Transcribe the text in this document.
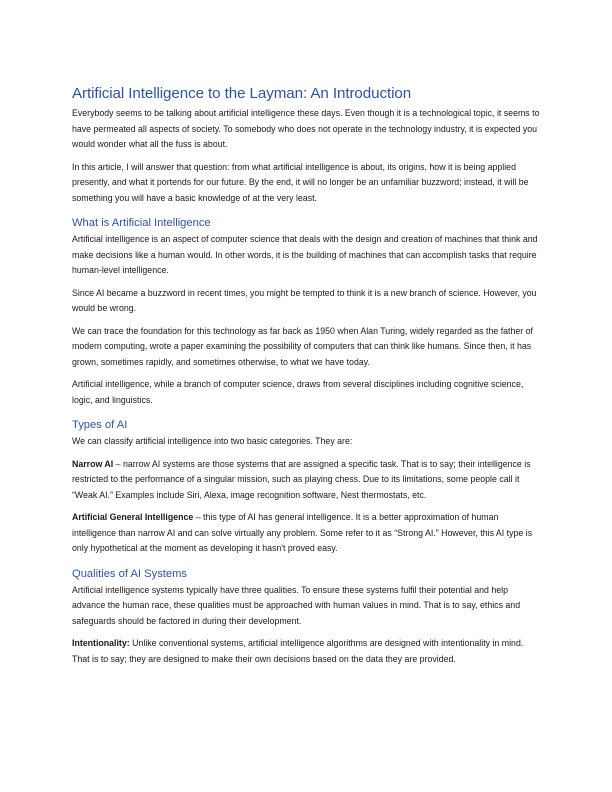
Artificial Intelligence to the Layman: An Introduction

Everybody seems to be talking about artificial intelligence these days. Even though it is a technological topic, it seems to have permeated all aspects of society. To somebody who does not operate in the technology industry, it is expected you would wonder what all the fuss is about.

In this article, I will answer that question: from what artificial intelligence is about, its origins, how it is being applied presently, and what it portends for our future. By the end, it will no longer be an unfamiliar buzzword; instead, it will be something you will have a basic knowledge of at the very least.

What is Artificial Intelligence

Artificial intelligence is an aspect of computer science that deals with the design and creation of machines that think and make decisions like a human would. In other words, it is the building of machines that can accomplish tasks that require human-level intelligence.

Since AI became a buzzword in recent times, you might be tempted to think it is a new branch of science. However, you would be wrong.

We can trace the foundation for this technology as far back as 1950 when Alan Turing, widely regarded as the father of modern computing, wrote a paper examining the possibility of computers that can think like humans. Since then, it has grown, sometimes rapidly, and sometimes otherwise, to what we have today.

Artificial intelligence, while a branch of computer science, draws from several disciplines including cognitive science, logic, and linguistics.

Types of AI

We can classify artificial intelligence into two basic categories. They are:

Narrow AI – narrow AI systems are those systems that are assigned a specific task. That is to say; their intelligence is restricted to the performance of a singular mission, such as playing chess. Due to its limitations, some people call it “Weak AI.” Examples include Siri, Alexa, image recognition software, Nest thermostats, etc.

Artificial General Intelligence – this type of AI has general intelligence. It is a better approximation of human intelligence than narrow AI and can solve virtually any problem. Some refer to it as “Strong AI.” However, this AI type is only hypothetical at the moment as developing it hasn't proved easy.

Qualities of AI Systems

Artificial intelligence systems typically have three qualities. To ensure these systems fulfil their potential and help advance the human race, these qualities must be approached with human values in mind. That is to say, ethics and safeguards should be factored in during their development.

Intentionality: Unlike conventional systems, artificial intelligence algorithms are designed with intentionality in mind. That is to say; they are designed to make their own decisions based on the data they are provided.
